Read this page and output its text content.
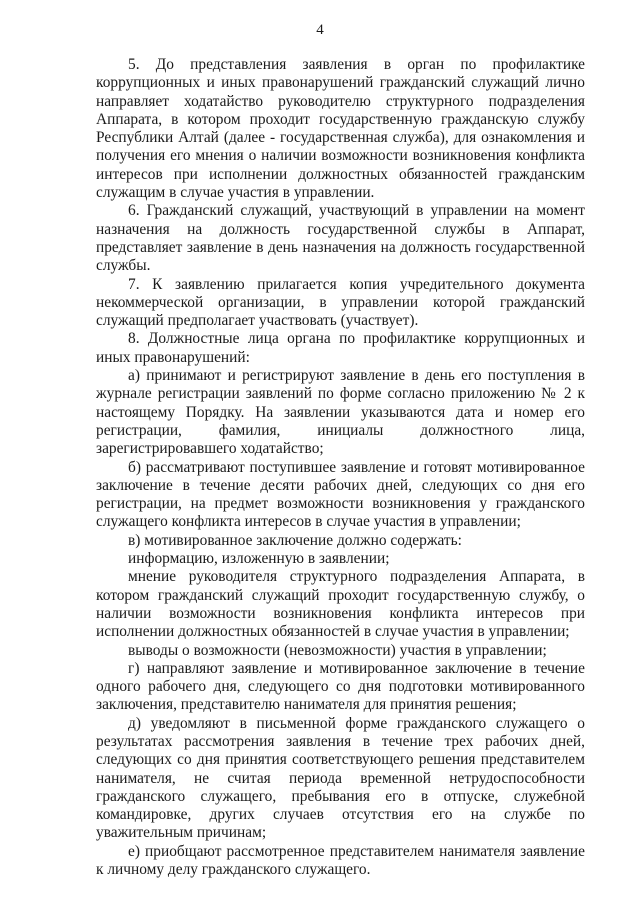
4

5. До представления заявления в орган по профилактике коррупционных и иных правонарушений гражданский служащий лично направляет ходатайство руководителю структурного подразделения Аппарата, в котором проходит государственную гражданскую службу Республики Алтай (далее - государственная служба), для ознакомления и получения его мнения о наличии возможности возникновения конфликта интересов при исполнении должностных обязанностей гражданским служащим в случае участия в управлении.

6. Гражданский служащий, участвующий в управлении на момент назначения на должность государственной службы в Аппарат, представляет заявление в день назначения на должность государственной службы.

7. К заявлению прилагается копия учредительного документа некоммерческой организации, в управлении которой гражданский служащий предполагает участвовать (участвует).

8. Должностные лица органа по профилактике коррупционных и иных правонарушений:

а) принимают и регистрируют заявление в день его поступления в журнале регистрации заявлений по форме согласно приложению № 2 к настоящему Порядку. На заявлении указываются дата и номер его регистрации, фамилия, инициалы должностного лица, зарегистрировавшего ходатайство;

б) рассматривают поступившее заявление и готовят мотивированное заключение в течение десяти рабочих дней, следующих со дня его регистрации, на предмет возможности возникновения у гражданского служащего конфликта интересов в случае участия в управлении;

в) мотивированное заключение должно содержать:

информацию, изложенную в заявлении;

мнение руководителя структурного подразделения Аппарата, в котором гражданский служащий проходит государственную службу, о наличии возможности возникновения конфликта интересов при исполнении должностных обязанностей в случае участия в управлении;

выводы о возможности (невозможности) участия в управлении;

г) направляют заявление и мотивированное заключение в течение одного рабочего дня, следующего со дня подготовки мотивированного заключения, представителю нанимателя для принятия решения;

д) уведомляют в письменной форме гражданского служащего о результатах рассмотрения заявления в течение трех рабочих дней, следующих со дня принятия соответствующего решения представителем нанимателя, не считая периода временной нетрудоспособности гражданского служащего, пребывания его в отпуске, служебной командировке, других случаев отсутствия его на службе по уважительным причинам;

е) приобщают рассмотренное представителем нанимателя заявление к личному делу гражданского служащего.
